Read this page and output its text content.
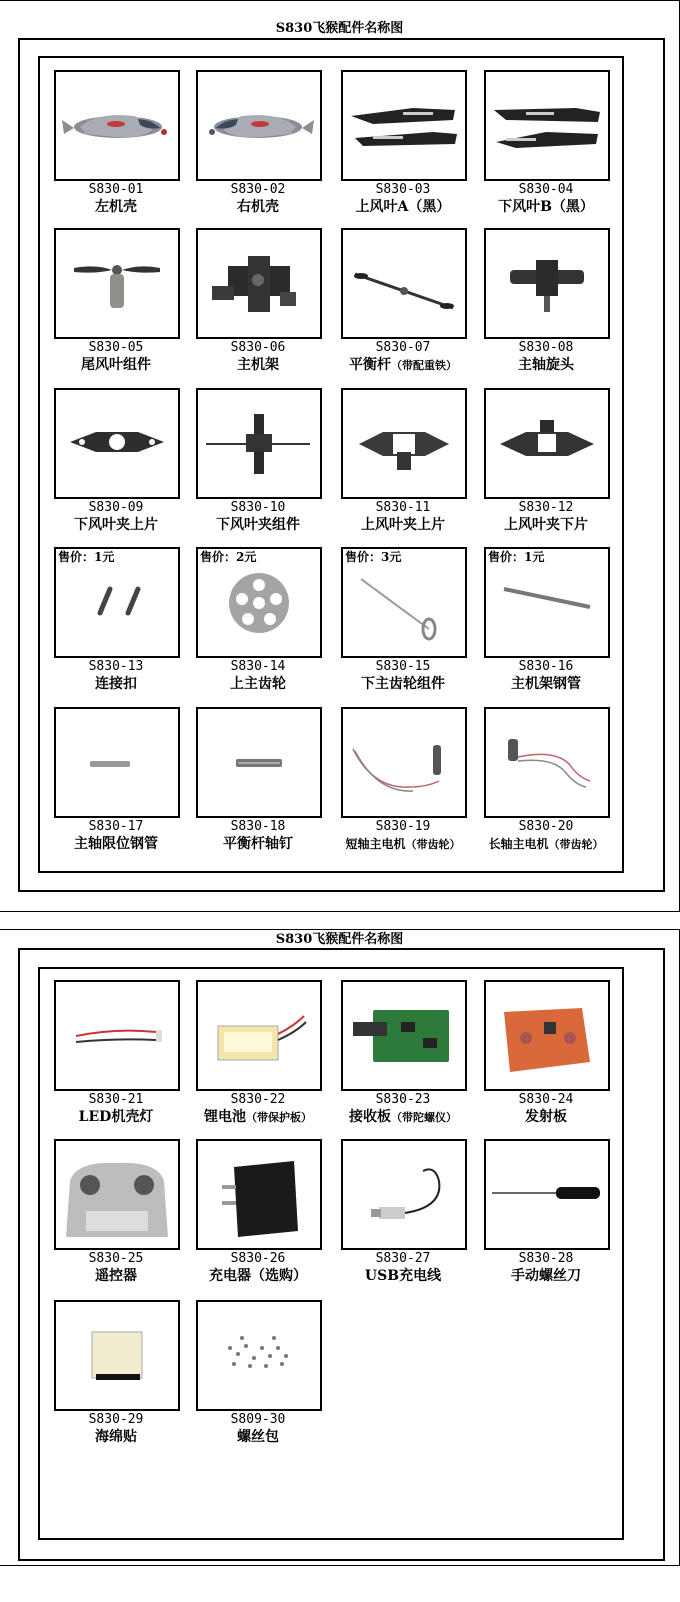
S830飞猴配件名称图
S830飞猴配件名称图
S830-01
左机壳
S830-02
右机壳
S830-03
上风叶A（黑）
S830-04
下风叶B（黑）
S830-05
尾风叶组件
S830-06
主机架
S830-07
平衡杆（带配重铁）
S830-08
主轴旋头
S830-09
下风叶夹上片
S830-10
下风叶夹组件
S830-11
上风叶夹上片
S830-12
上风叶夹下片
售价：1元
S830-13
连接扣
售价：2元
S830-14
上主齿轮
售价：3元
S830-15
下主齿轮组件
售价：1元
S830-16
主机架钢管
S830-17
主轴限位钢管
S830-18
平衡杆轴钉
S830-19
短轴主电机（带齿轮）
S830-20
长轴主电机（带齿轮）
S830-21
LED机壳灯
S830-22
锂电池（带保护板）
S830-23
接收板（带陀螺仪）
S830-24
发射板
S830-25
遥控器
S830-26
充电器（选购）
S830-27
USB充电线
S830-28
手动螺丝刀
S830-29
海绵贴
S809-30
螺丝包
